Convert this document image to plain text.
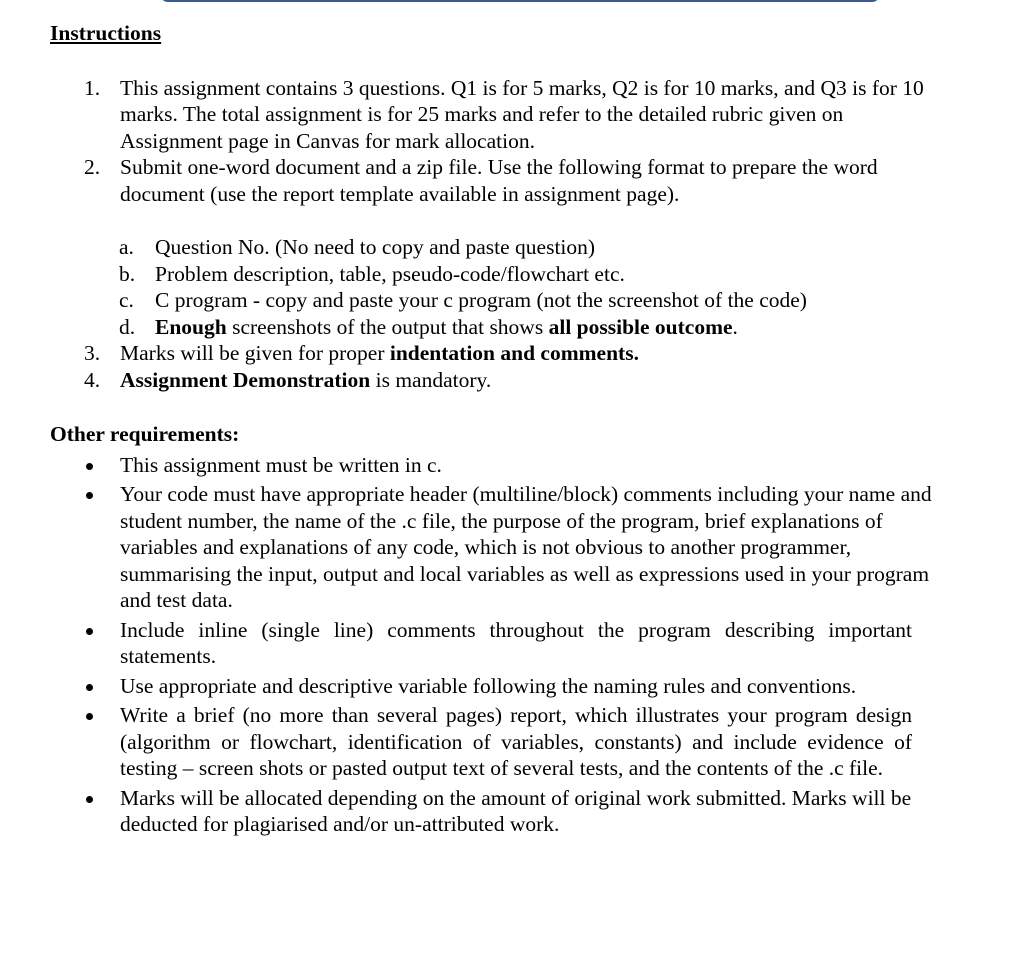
Instructions

1. This assignment contains 3 questions. Q1 is for 5 marks, Q2 is for 10 marks, and Q3 is for 10 marks. The total assignment is for 25 marks and refer to the detailed rubric given on Assignment page in Canvas for mark allocation.
2. Submit one-word document and a zip file. Use the following format to prepare the word document (use the report template available in assignment page).
a. Question No. (No need to copy and paste question)
b. Problem description, table, pseudo-code/flowchart etc.
c. C program - copy and paste your c program (not the screenshot of the code)
d. Enough screenshots of the output that shows all possible outcome.
3. Marks will be given for proper indentation and comments.
4. Assignment Demonstration is mandatory.

Other requirements:

This assignment must be written in c.
Your code must have appropriate header (multiline/block) comments including your name and student number, the name of the .c file, the purpose of the program, brief explanations of variables and explanations of any code, which is not obvious to another programmer, summarising the input, output and local variables as well as expressions used in your program and test data.
Include inline (single line) comments throughout the program describing important statements.
Use appropriate and descriptive variable following the naming rules and conventions.
Write a brief (no more than several pages) report, which illustrates your program design (algorithm or flowchart, identification of variables, constants) and include evidence of testing – screen shots or pasted output text of several tests, and the contents of the .c file.
Marks will be allocated depending on the amount of original work submitted. Marks will be deducted for plagiarised and/or un-attributed work.
